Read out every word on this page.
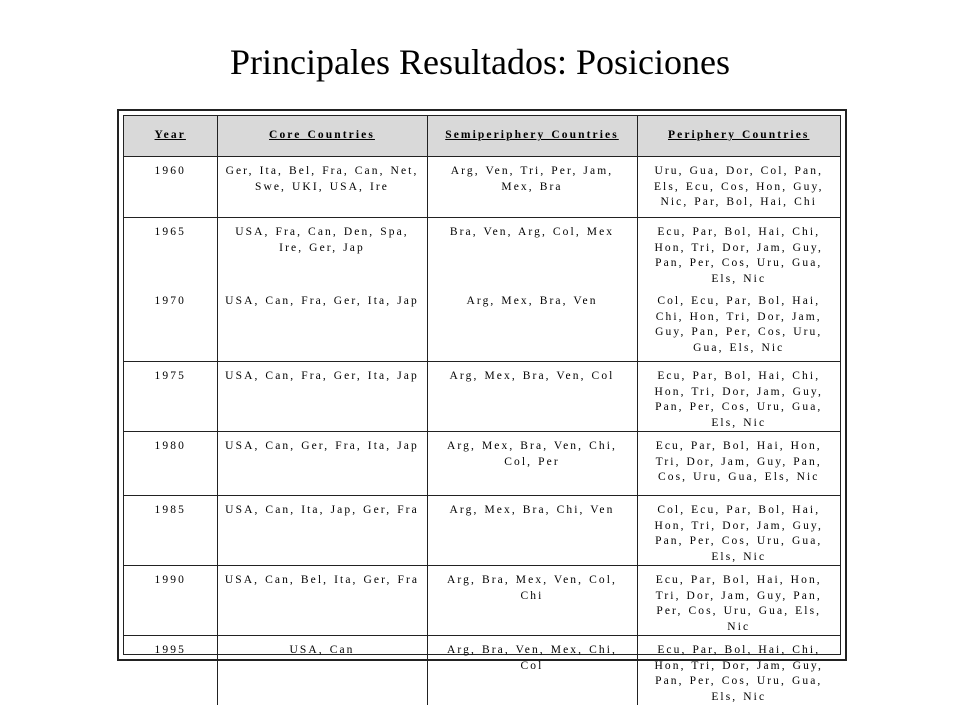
Principales Resultados: Posiciones
Year	Core Countries	Semiperiphery Countries	Periphery Countries
1960	Ger, Ita, Bel, Fra, Can, Net, Swe, UKI, USA, Ire	Arg, Ven, Tri, Per, Jam, Mex, Bra	Uru, Gua, Dor, Col, Pan, Els, Ecu, Cos, Hon, Guy, Nic, Par, Bol, Hai, Chi
1965	USA, Fra, Can, Den, Spa, Ire, Ger, Jap	Bra, Ven, Arg, Col, Mex	Ecu, Par, Bol, Hai, Chi, Hon, Tri, Dor, Jam, Guy, Pan, Per, Cos, Uru, Gua, Els, Nic
1970	USA, Can, Fra, Ger, Ita, Jap	Arg, Mex, Bra, Ven	Col, Ecu, Par, Bol, Hai, Chi, Hon, Tri, Dor, Jam, Guy, Pan, Per, Cos, Uru, Gua, Els, Nic
1975	USA, Can, Fra, Ger, Ita, Jap	Arg, Mex, Bra, Ven, Col	Ecu, Par, Bol, Hai, Chi, Hon, Tri, Dor, Jam, Guy, Pan, Per, Cos, Uru, Gua, Els, Nic
1980	USA, Can, Ger, Fra, Ita, Jap	Arg, Mex, Bra, Ven, Chi, Col, Per	Ecu, Par, Bol, Hai, Hon, Tri, Dor, Jam, Guy, Pan, Cos, Uru, Gua, Els, Nic
1985	USA, Can, Ita, Jap, Ger, Fra	Arg, Mex, Bra, Chi, Ven	Col, Ecu, Par, Bol, Hai, Hon, Tri, Dor, Jam, Guy, Pan, Per, Cos, Uru, Gua, Els, Nic
1990	USA, Can, Bel, Ita, Ger, Fra	Arg, Bra, Mex, Ven, Col, Chi	Ecu, Par, Bol, Hai, Hon, Tri, Dor, Jam, Guy, Pan, Per, Cos, Uru, Gua, Els, Nic
1995	USA, Can	Arg, Bra, Ven, Mex, Chi, Col	Ecu, Par, Bol, Hai, Chi, Hon, Tri, Dor, Jam, Guy, Pan, Per, Cos, Uru, Gua, Els, Nic
